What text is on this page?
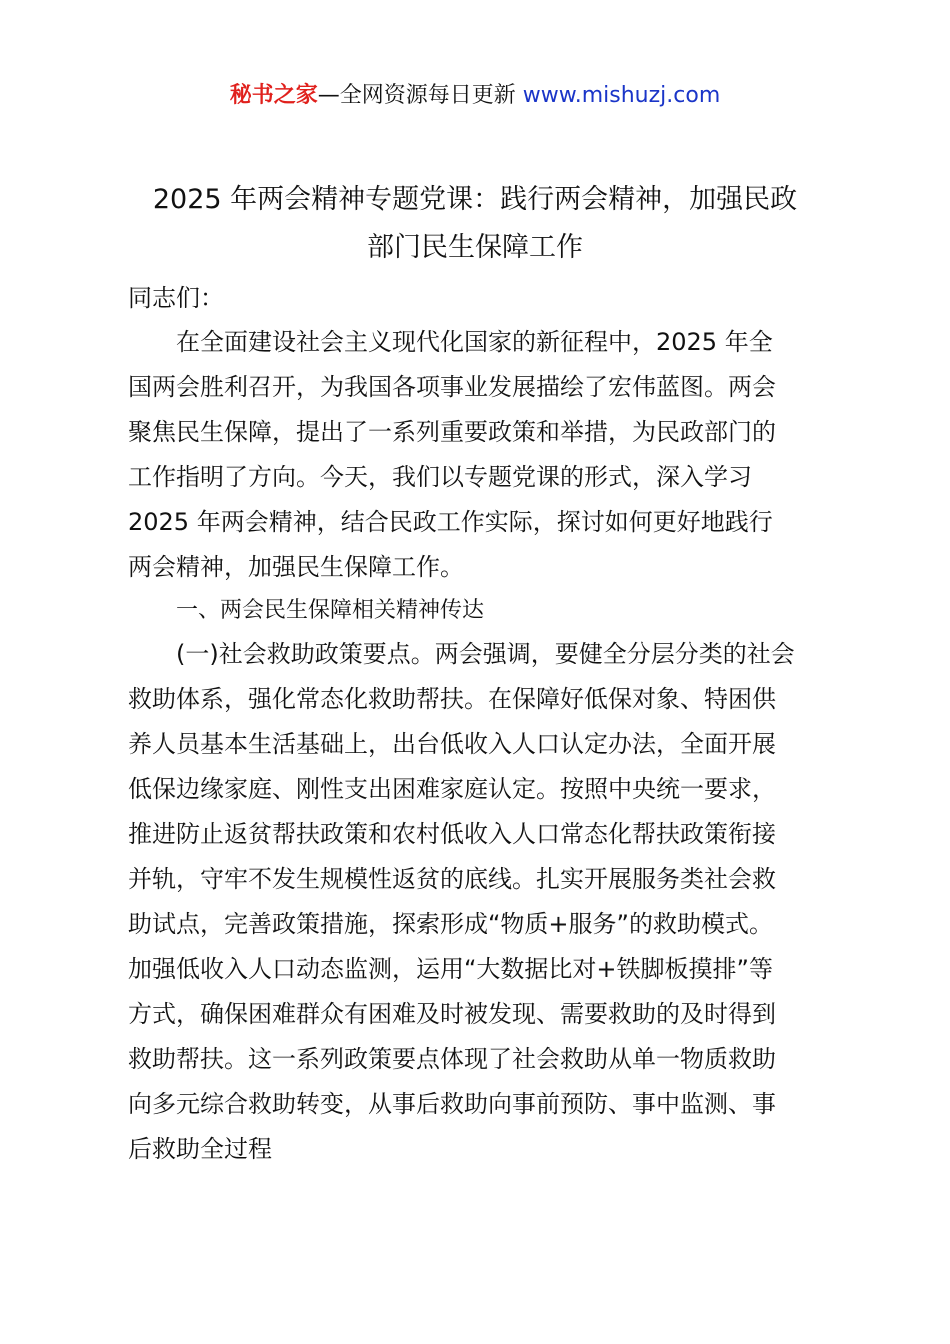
秘书之家—全网资源每日更新 www.mishuzj.com
2025 年两会精神专题党课：践行两会精神，加强民政
部门民生保障工作
同志们：
在全面建设社会主义现代化国家的新征程中，2025 年全
国两会胜利召开，为我国各项事业发展描绘了宏伟蓝图。两会
聚焦民生保障，提出了一系列重要政策和举措，为民政部门的
工作指明了方向。今天，我们以专题党课的形式，深入学习
2025 年两会精神，结合民政工作实际，探讨如何更好地践行
两会精神，加强民生保障工作。
一、两会民生保障相关精神传达
(一)社会救助政策要点。两会强调，要健全分层分类的社会
救助体系，强化常态化救助帮扶。在保障好低保对象、特困供
养人员基本生活基础上，出台低收入人口认定办法，全面开展
低保边缘家庭、刚性支出困难家庭认定。按照中央统一要求，
推进防止返贫帮扶政策和农村低收入人口常态化帮扶政策衔接
并轨，守牢不发生规模性返贫的底线。扎实开展服务类社会救
助试点，完善政策措施，探索形成“物质+服务”的救助模式。
加强低收入人口动态监测，运用“大数据比对+铁脚板摸排”等
方式，确保困难群众有困难及时被发现、需要救助的及时得到
救助帮扶。这一系列政策要点体现了社会救助从单一物质救助
向多元综合救助转变，从事后救助向事前预防、事中监测、事
后救助全过程
